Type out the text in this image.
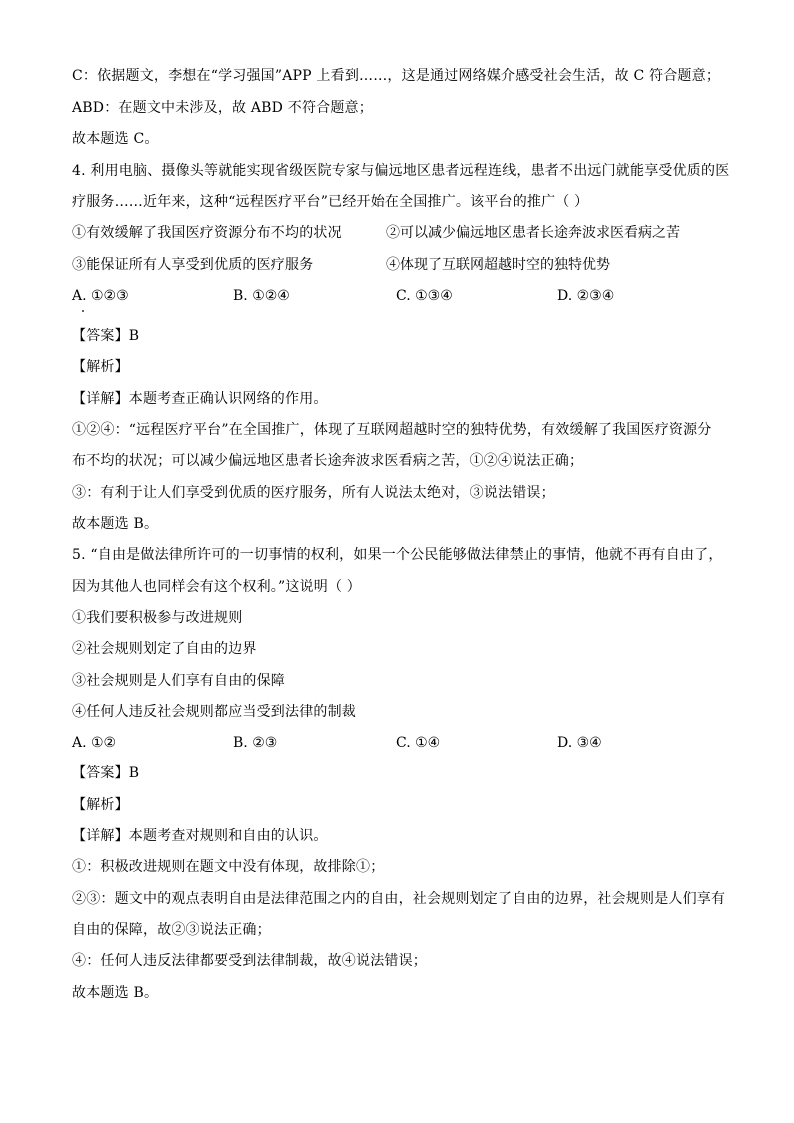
C：依据题文，李想在“学习强国”APP 上看到……，这是通过网络媒介感受社会生活，故 C 符合题意；
ABD：在题文中未涉及，故 ABD 不符合题意；
故本题选 C。
4. 利用电脑、摄像头等就能实现省级医院专家与偏远地区患者远程连线，患者不出远门就能享受优质的医
疗服务……近年来，这种“远程医疗平台”已经开始在全国推广。该平台的推广（ ）
①有效缓解了我国医疗资源分布不均的状况	②可以减少偏远地区患者长途奔波求医看病之苦
③能保证所有人享受到优质的医疗服务	④体现了互联网超越时空的独特优势
A. ①②③	B. ①②④	C. ①③④	D. ②③④
【答案】B
【解析】
【详解】本题考查正确认识网络的作用。
①②④：“远程医疗平台”在全国推广，体现了互联网超越时空的独特优势，有效缓解了我国医疗资源分
布不均的状况；可以减少偏远地区患者长途奔波求医看病之苦，①②④说法正确；
③：有利于让人们享受到优质的医疗服务，所有人说法太绝对，③说法错误；
故本题选 B。
5. “自由是做法律所许可的一切事情的权利，如果一个公民能够做法律禁止的事情，他就不再有自由了，
因为其他人也同样会有这个权利。”这说明（ ）
①我们要积极参与改进规则
②社会规则划定了自由的边界
③社会规则是人们享有自由的保障
④任何人违反社会规则都应当受到法律的制裁
A. ①②	B. ②③	C. ①④	D. ③④
【答案】B
【解析】
【详解】本题考查对规则和自由的认识。
①：积极改进规则在题文中没有体现，故排除①；
②③：题文中的观点表明自由是法律范围之内的自由，社会规则划定了自由的边界，社会规则是人们享有
自由的保障，故②③说法正确；
④：任何人违反法律都要受到法律制裁，故④说法错误；
故本题选 B。
